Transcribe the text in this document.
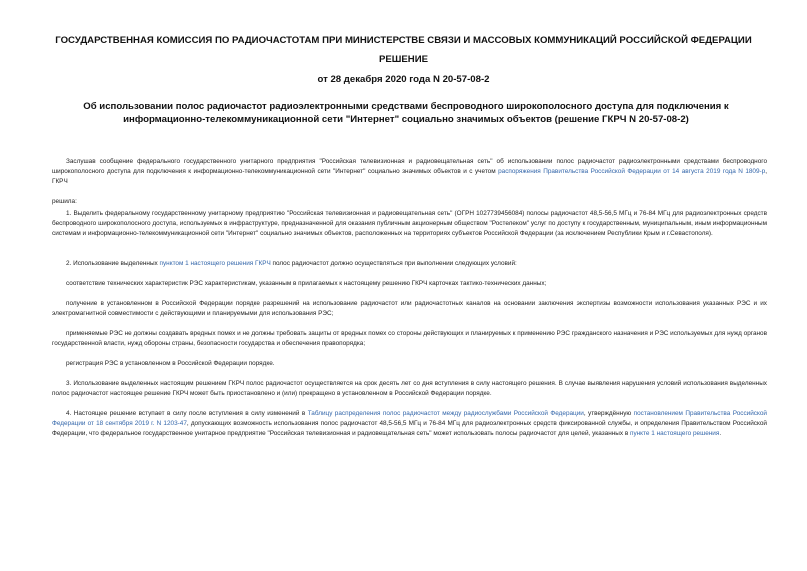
ГОСУДАРСТВЕННАЯ КОМИССИЯ ПО РАДИОЧАСТОТАМ ПРИ МИНИСТЕРСТВЕ СВЯЗИ И МАССОВЫХ КОММУНИКАЦИЙ РОССИЙСКОЙ ФЕДЕРАЦИИ
РЕШЕНИЕ
от 28 декабря 2020 года N 20-57-08-2
Об использовании полос радиочастот радиоэлектронными средствами беспроводного широкополосного доступа для подключения к информационно-телекоммуникационной сети "Интернет" социально значимых объектов (решение ГКРЧ N 20-57-08-2)
Заслушав сообщение федерального государственного унитарного предприятия "Российская телевизионная и радиовещательная сеть" об использовании полос радиочастот радиоэлектронными средствами беспроводного широкополосного доступа для подключения к информационно-телекоммуникационной сети "Интернет" социально значимых объектов и с учетом распоряжения Правительства Российской Федерации от 14 августа 2019 года N 1809-р, ГКРЧ
решила:
1. Выделить федеральному государственному унитарному предприятию "Российская телевизионная и радиовещательная сеть" (ОГРН 1027739456084) полосы радиочастот 48,5-56,5 МГц и 76-84 МГц для радиоэлектронных средств беспроводного широкополосного доступа, используемых в инфраструктуре, предназначенной для оказания публичным акционерным обществом "Ростелеком" услуг по доступу к государственным, муниципальным, иным информационным системам и информационно-телекоммуникационной сети "Интернет" социально значимых объектов, расположенных на территориях субъектов Российской Федерации (за исключением Республики Крым и г.Севастополя).
2. Использование выделенных пунктом 1 настоящего решения ГКРЧ полос радиочастот должно осуществляться при выполнении следующих условий:
соответствие технических характеристик РЭС характеристикам, указанным в прилагаемых к настоящему решению ГКРЧ карточках тактико-технических данных;
получение в установленном в Российской Федерации порядке разрешений на использование радиочастот или радиочастотных каналов на основании заключения экспертизы возможности использования указанных РЭС и их электромагнитной совместимости с действующими и планируемыми для использования РЭС;
применяемые РЭС не должны создавать вредных помех и не должны требовать защиты от вредных помех со стороны действующих и планируемых к применению РЭС гражданского назначения и РЭС используемых для нужд органов государственной власти, нужд обороны страны, безопасности государства и обеспечения правопорядка;
регистрация РЭС в установленном в Российской Федерации порядке.
3. Использование выделенных настоящим решением ГКРЧ полос радиочастот осуществляется на срок десять лет со дня вступления в силу настоящего решения. В случае выявления нарушения условий использования выделенных полос радиочастот настоящее решение ГКРЧ может быть приостановлено и (или) прекращено в установленном в Российской Федерации порядке.
4. Настоящее решение вступает в силу после вступления в силу изменений в Таблицу распределения полос радиочастот между радиослужбами Российской Федерации, утверждённую постановлением Правительства Российской Федерации от 18 сентября 2019 г. N 1203-47, допускающих возможность использования полос радиочастот 48,5-56,5 МГц и 76-84 МГц для радиоэлектронных средств фиксированной службы, и определения Правительством Российской Федерации, что федеральное государственное унитарное предприятие "Российская телевизионная и радиовещательная сеть" может использовать полосы радиочастот для целей, указанных в пункте 1 настоящего решения.
